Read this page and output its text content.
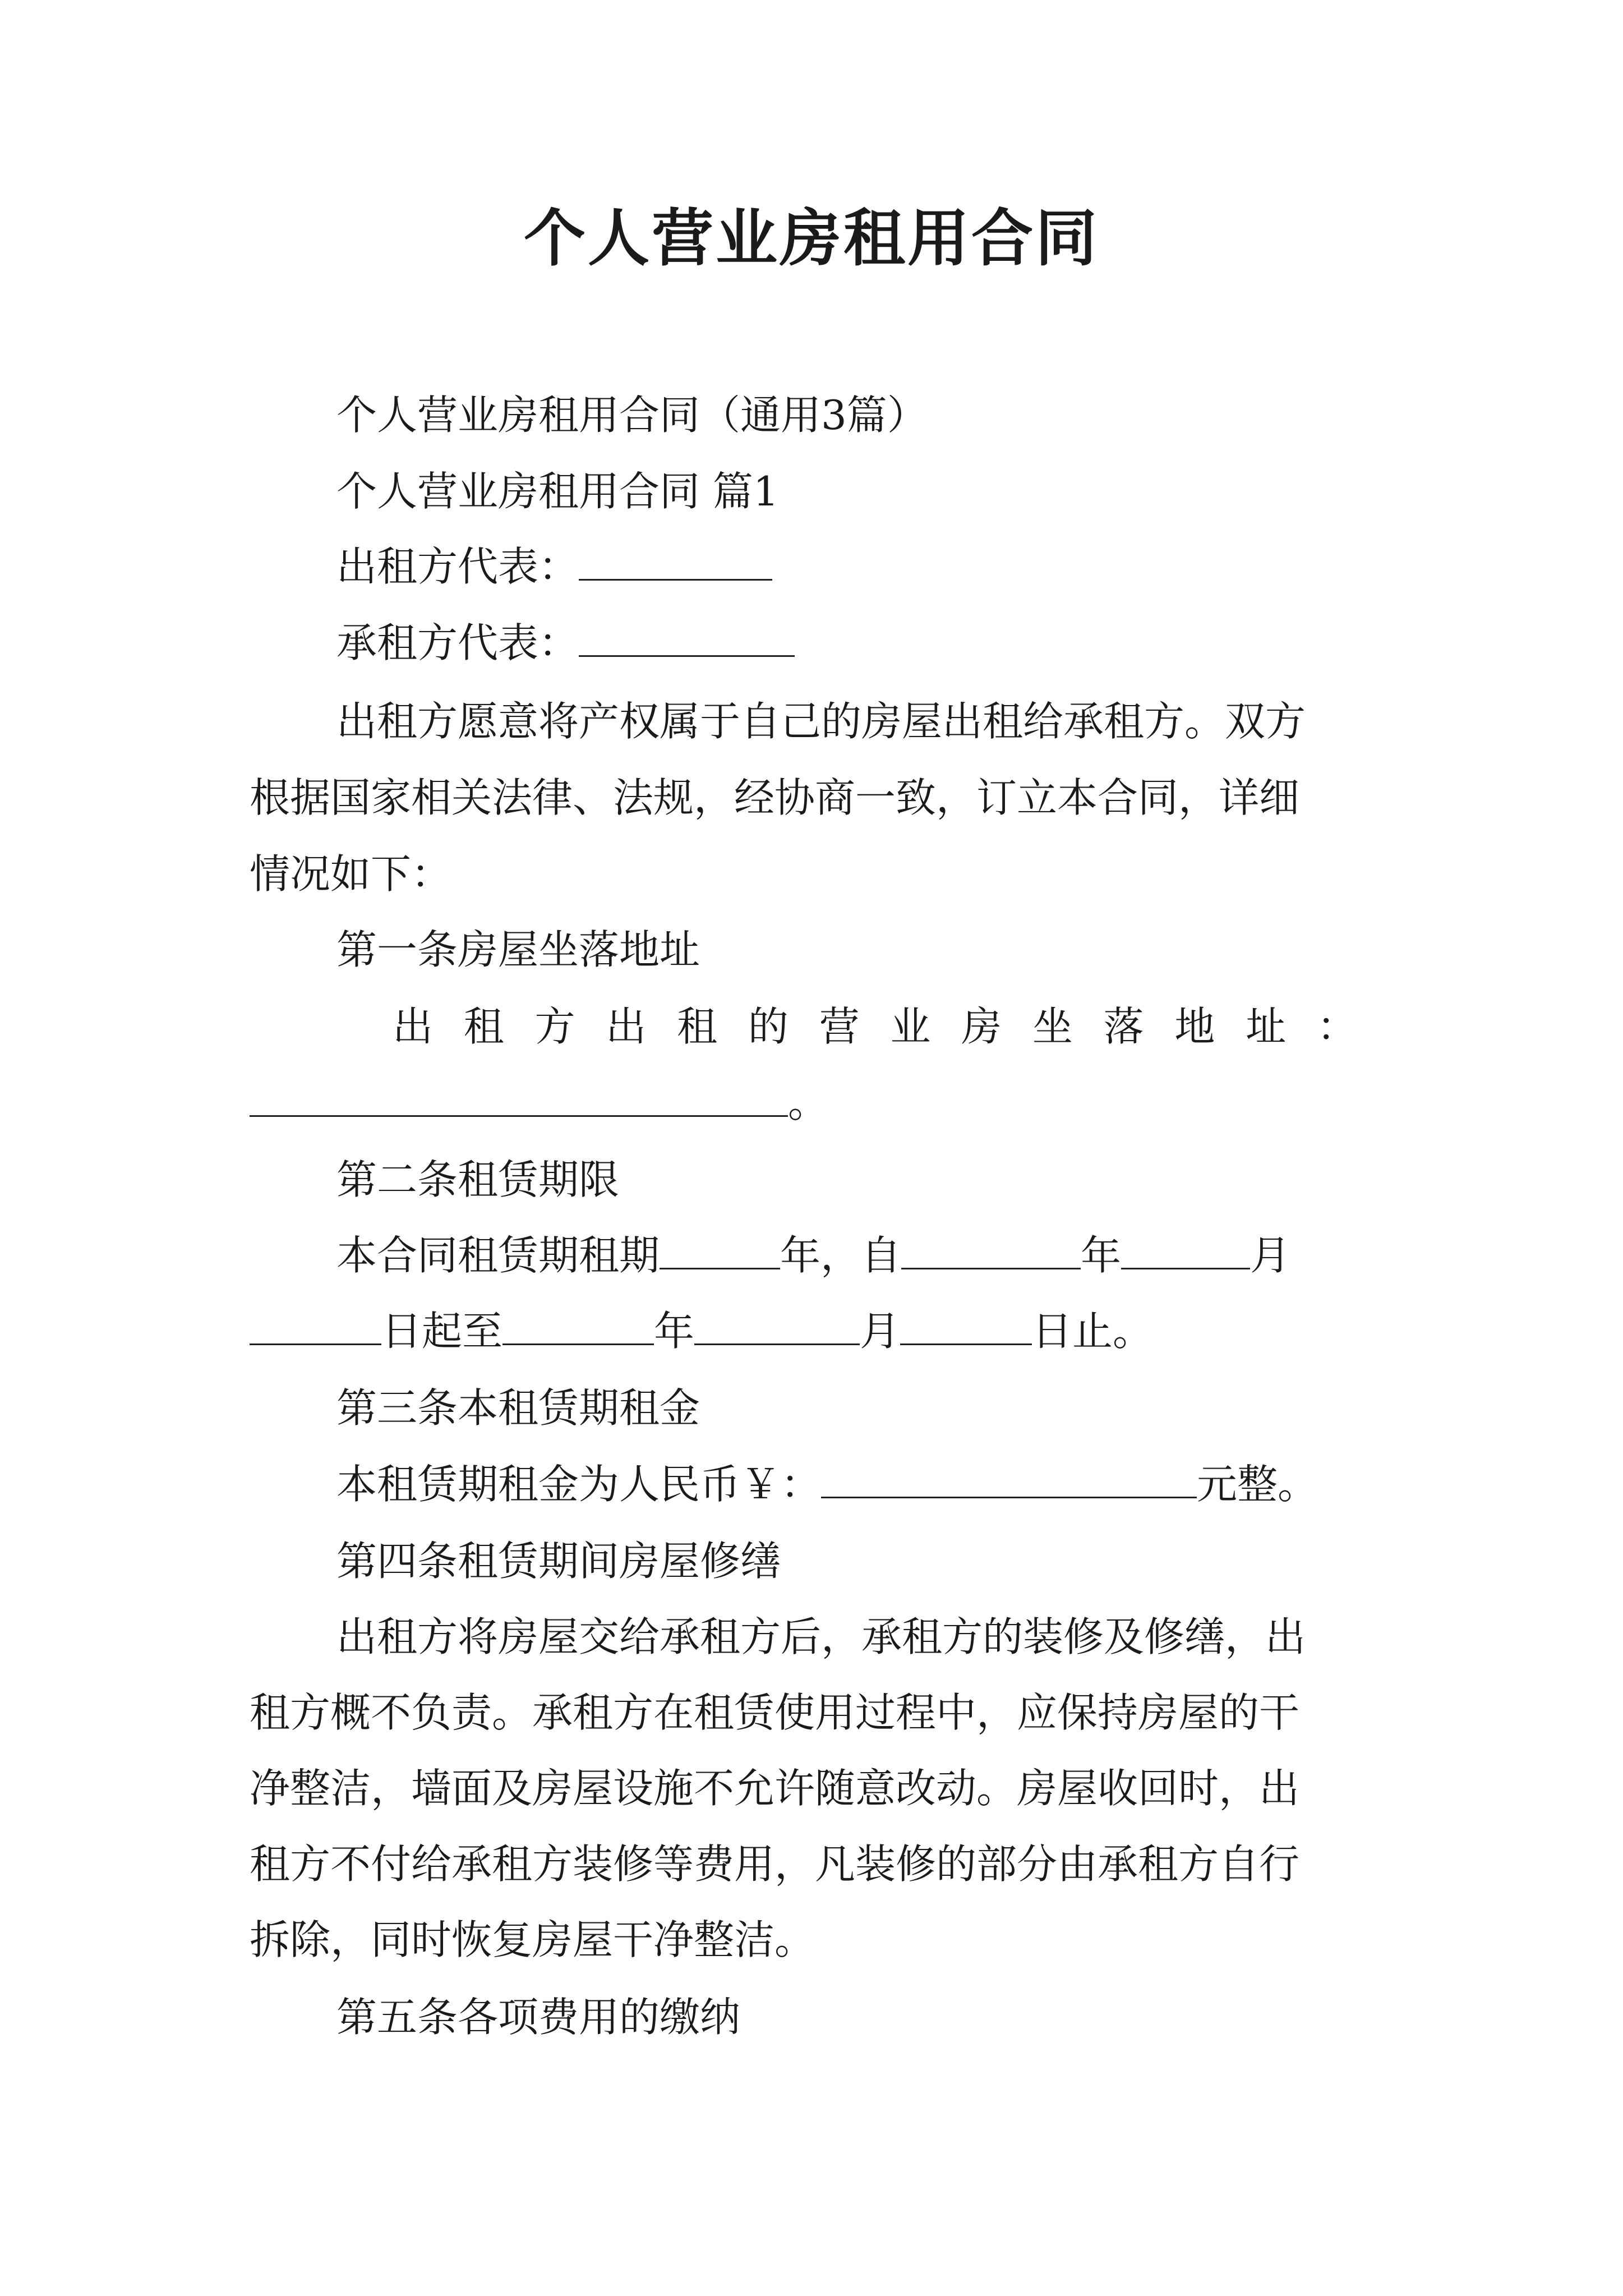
个人营业房租用合同
个人营业房租用合同（通用3篇）
个人营业房租用合同 篇1
出租方代表：
承租方代表：
出租方愿意将产权属于自己的房屋出租给承租方。双方
根据国家相关法律、法规，经协商一致，订立本合同，详细
情况如下：
第一条房屋坐落地址
出 租 方 出 租 的 营 业 房 坐 落 地 址 ：
。
第二条租赁期限
本合同租赁期租期	年，自	年	月
日起至	年	月	日止。
第三条本租赁期租金
本租赁期租金为人民币￥：	元整。
第四条租赁期间房屋修缮
出租方将房屋交给承租方后，承租方的装修及修缮，出
租方概不负责。承租方在租赁使用过程中，应保持房屋的干
净整洁，墙面及房屋设施不允许随意改动。房屋收回时，出
租方不付给承租方装修等费用，凡装修的部分由承租方自行
拆除，同时恢复房屋干净整洁。
第五条各项费用的缴纳
